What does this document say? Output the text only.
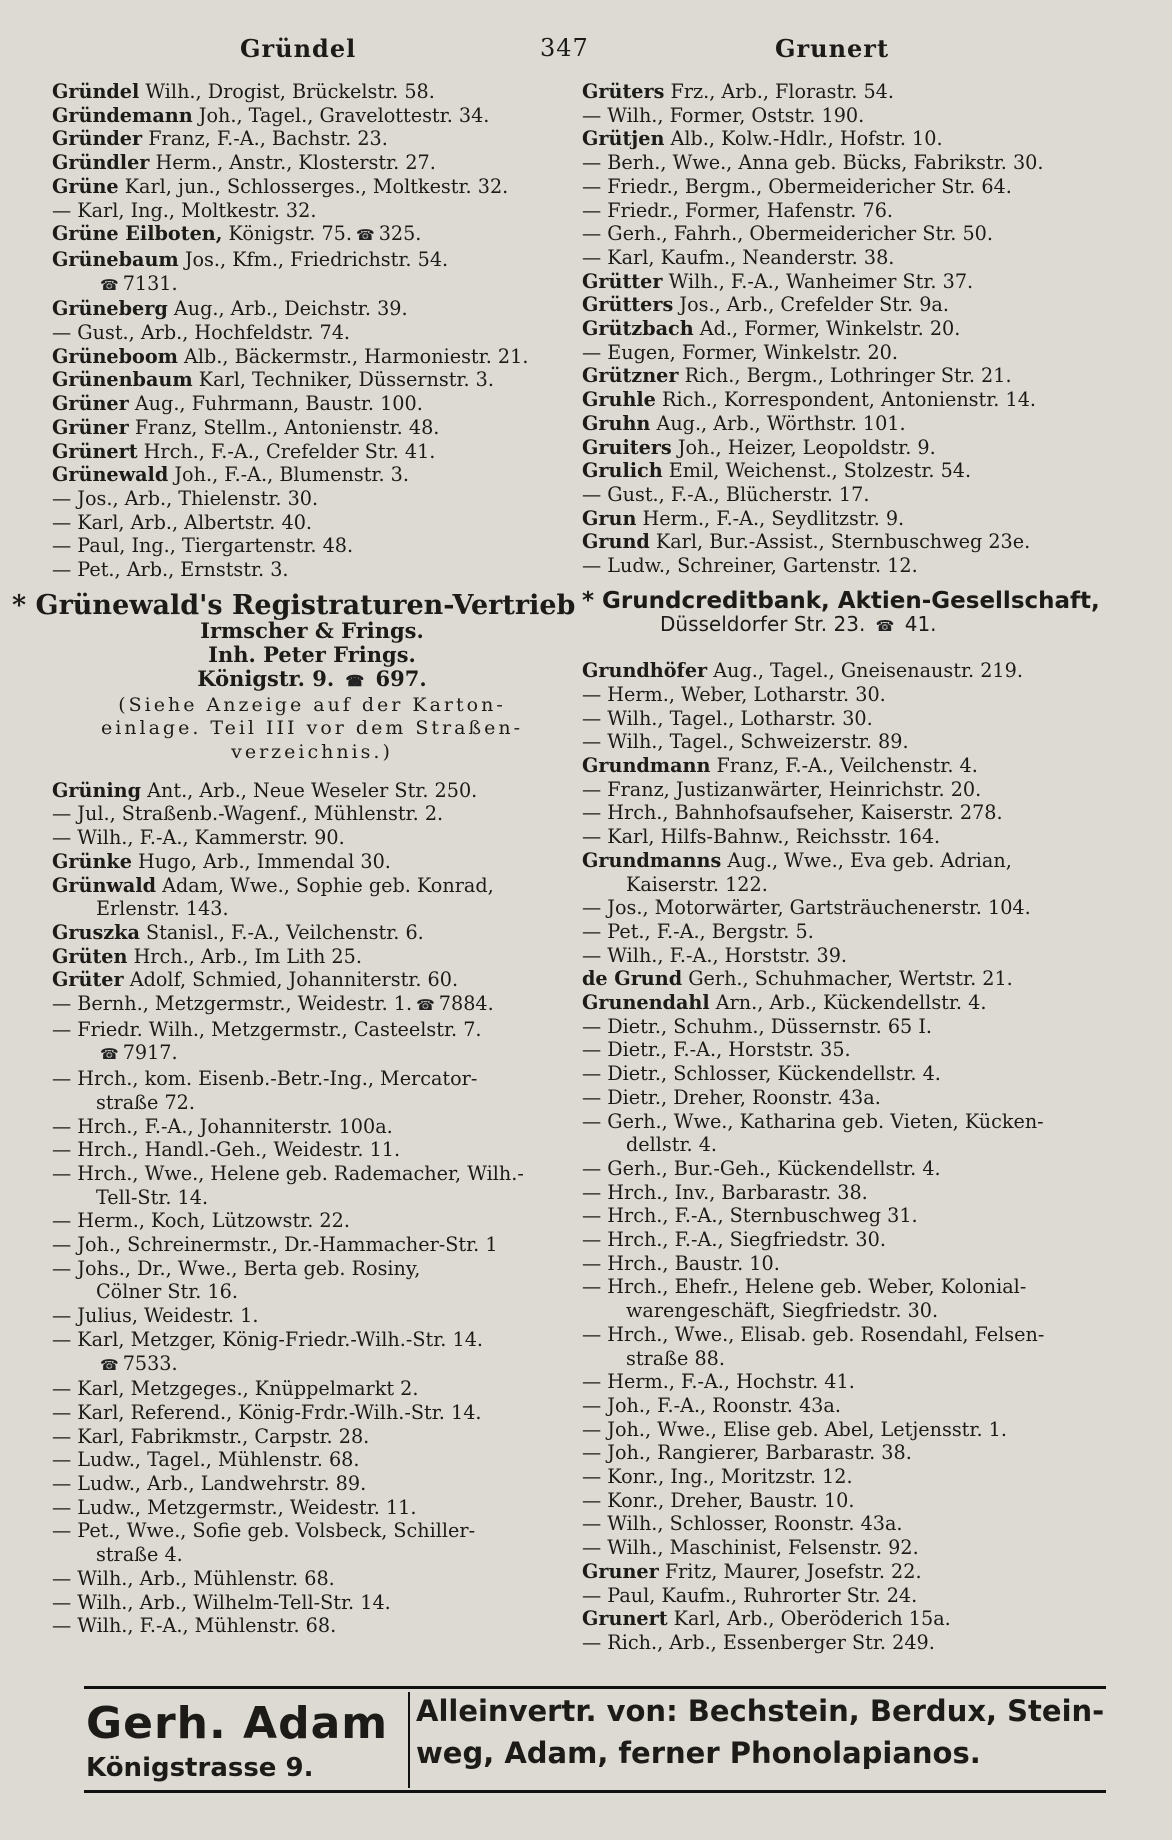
Gründel	347	Grunert
Gründel Wilh., Drogist, Brückelstr. 58.
Gründemann Joh., Tagel., Gravelottestr. 34.
Gründer Franz, F.-A., Bachstr. 23.
Gründler Herm., Anstr., Klosterstr. 27.
Grüne Karl, jun., Schlosserges., Moltkestr. 32.
— Karl, Ing., Moltkestr. 32.
Grüne Eilboten, Königstr. 75. ☎ 325.
Grünebaum Jos., Kfm., Friedrichstr. 54.
☎ 7131.
Grüneberg Aug., Arb., Deichstr. 39.
— Gust., Arb., Hochfeldstr. 74.
Grüneboom Alb., Bäckermstr., Harmoniestr. 21.
Grünenbaum Karl, Techniker, Düssernstr. 3.
Grüner Aug., Fuhrmann, Baustr. 100.
Grüner Franz, Stellm., Antonienstr. 48.
Grünert Hrch., F.-A., Crefelder Str. 41.
Grünewald Joh., F.-A., Blumenstr. 3.
— Jos., Arb., Thielenstr. 30.
— Karl, Arb., Albertstr. 40.
— Paul, Ing., Tiergartenstr. 48.
— Pet., Arb., Ernststr. 3.
* Grünewald's Registraturen-Vertrieb
Irmscher & Frings.
Inh. Peter Frings.
Königstr. 9. ☎ 697.
(Siehe Anzeige auf der Karton-
einlage. Teil III vor dem Straßen-
verzeichnis.)
Grüning Ant., Arb., Neue Weseler Str. 250.
— Jul., Straßenb.-Wagenf., Mühlenstr. 2.
— Wilh., F.-A., Kammerstr. 90.
Grünke Hugo, Arb., Immendal 30.
Grünwald Adam, Wwe., Sophie geb. Konrad,
Erlenstr. 143.
Gruszka Stanisl., F.-A., Veilchenstr. 6.
Grüten Hrch., Arb., Im Lith 25.
Grüter Adolf, Schmied, Johanniterstr. 60.
— Bernh., Metzgermstr., Weidestr. 1. ☎ 7884.
— Friedr. Wilh., Metzgermstr., Casteelstr. 7.
☎ 7917.
— Hrch., kom. Eisenb.-Betr.-Ing., Mercator-
straße 72.
— Hrch., F.-A., Johanniterstr. 100a.
— Hrch., Handl.-Geh., Weidestr. 11.
— Hrch., Wwe., Helene geb. Rademacher, Wilh.-
Tell-Str. 14.
— Herm., Koch, Lützowstr. 22.
— Joh., Schreinermstr., Dr.-Hammacher-Str. 1
— Johs., Dr., Wwe., Berta geb. Rosiny,
Cölner Str. 16.
— Julius, Weidestr. 1.
— Karl, Metzger, König-Friedr.-Wilh.-Str. 14.
☎ 7533.
— Karl, Metzgeges., Knüppelmarkt 2.
— Karl, Referend., König-Frdr.-Wilh.-Str. 14.
— Karl, Fabrikmstr., Carpstr. 28.
— Ludw., Tagel., Mühlenstr. 68.
— Ludw., Arb., Landwehrstr. 89.
— Ludw., Metzgermstr., Weidestr. 11.
— Pet., Wwe., Sofie geb. Volsbeck, Schiller-
straße 4.
— Wilh., Arb., Mühlenstr. 68.
— Wilh., Arb., Wilhelm-Tell-Str. 14.
— Wilh., F.-A., Mühlenstr. 68.
Grüters Frz., Arb., Florastr. 54.
— Wilh., Former, Oststr. 190.
Grütjen Alb., Kolw.-Hdlr., Hofstr. 10.
— Berh., Wwe., Anna geb. Bücks, Fabrikstr. 30.
— Friedr., Bergm., Obermeidericher Str. 64.
— Friedr., Former, Hafenstr. 76.
— Gerh., Fahrh., Obermeidericher Str. 50.
— Karl, Kaufm., Neanderstr. 38.
Grütter Wilh., F.-A., Wanheimer Str. 37.
Grütters Jos., Arb., Crefelder Str. 9a.
Grützbach Ad., Former, Winkelstr. 20.
— Eugen, Former, Winkelstr. 20.
Grützner Rich., Bergm., Lothringer Str. 21.
Gruhle Rich., Korrespondent, Antonienstr. 14.
Gruhn Aug., Arb., Wörthstr. 101.
Gruiters Joh., Heizer, Leopoldstr. 9.
Grulich Emil, Weichenst., Stolzestr. 54.
— Gust., F.-A., Blücherstr. 17.
Grun Herm., F.-A., Seydlitzstr. 9.
Grund Karl, Bur.-Assist., Sternbuschweg 23e.
— Ludw., Schreiner, Gartenstr. 12.
* Grundcreditbank, Aktien-Gesellschaft,
Düsseldorfer Str. 23. ☎ 41.
Grundhöfer Aug., Tagel., Gneisenaustr. 219.
— Herm., Weber, Lotharstr. 30.
— Wilh., Tagel., Lotharstr. 30.
— Wilh., Tagel., Schweizerstr. 89.
Grundmann Franz, F.-A., Veilchenstr. 4.
— Franz, Justizanwärter, Heinrichstr. 20.
— Hrch., Bahnhofsaufseher, Kaiserstr. 278.
— Karl, Hilfs-Bahnw., Reichsstr. 164.
Grundmanns Aug., Wwe., Eva geb. Adrian,
Kaiserstr. 122.
— Jos., Motorwärter, Gartsträuchenerstr. 104.
— Pet., F.-A., Bergstr. 5.
— Wilh., F.-A., Horststr. 39.
de Grund Gerh., Schuhmacher, Wertstr. 21.
Grunendahl Arn., Arb., Kückendellstr. 4.
— Dietr., Schuhm., Düssernstr. 65 I.
— Dietr., F.-A., Horststr. 35.
— Dietr., Schlosser, Kückendellstr. 4.
— Dietr., Dreher, Roonstr. 43a.
— Gerh., Wwe., Katharina geb. Vieten, Kücken-
dellstr. 4.
— Gerh., Bur.-Geh., Kückendellstr. 4.
— Hrch., Inv., Barbarastr. 38.
— Hrch., F.-A., Sternbuschweg 31.
— Hrch., F.-A., Siegfriedstr. 30.
— Hrch., Baustr. 10.
— Hrch., Ehefr., Helene geb. Weber, Kolonial-
warengeschäft, Siegfriedstr. 30.
— Hrch., Wwe., Elisab. geb. Rosendahl, Felsen-
straße 88.
— Herm., F.-A., Hochstr. 41.
— Joh., F.-A., Roonstr. 43a.
— Joh., Wwe., Elise geb. Abel, Letjensstr. 1.
— Joh., Rangierer, Barbarastr. 38.
— Konr., Ing., Moritzstr. 12.
— Konr., Dreher, Baustr. 10.
— Wilh., Schlosser, Roonstr. 43a.
— Wilh., Maschinist, Felsenstr. 92.
Gruner Fritz, Maurer, Josefstr. 22.
— Paul, Kaufm., Ruhrorter Str. 24.
Grunert Karl, Arb., Oberöderich 15a.
— Rich., Arb., Essenberger Str. 249.
Gerh. Adam
Königstrasse 9.
Alleinvertr. von: Bechstein, Berdux, Stein-
weg, Adam, ferner Phonolapianos.
